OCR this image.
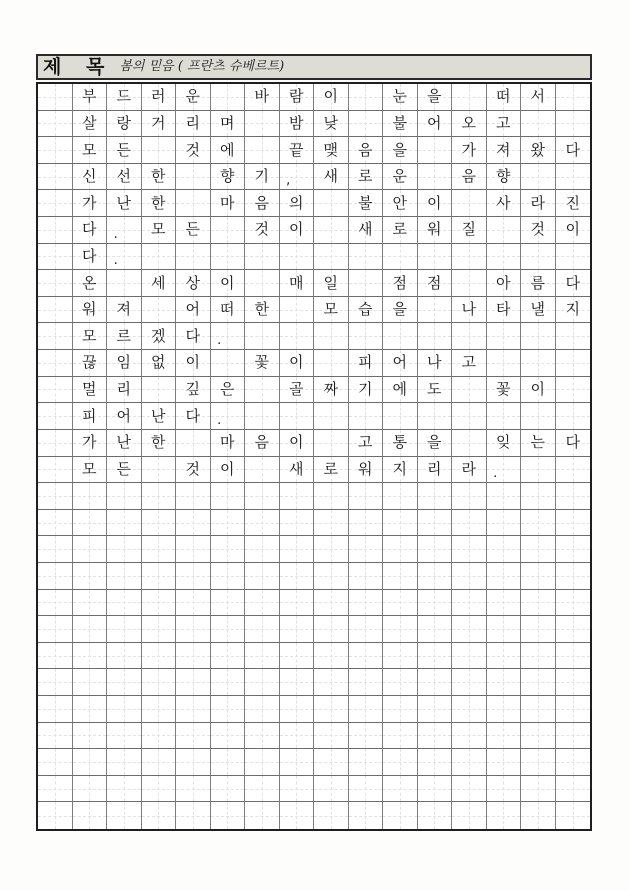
제 목 봄의 믿음 ( 프란츠 슈베르트)
부 드 러 운	바 람 이	눈 을	떠 서
살 랑 거 리 며	밤 낮	불 어 오 고
모 든	것 에	끝 맺 음 을	가 져 왔 다
신 선 한	향 기 , 새 로 운	음 향
가 난 한	마 음 의	불 안 이	사 라 진
다 . 모 든	것 이	새 로 워 질	것 이
다 .
온	세 상 이	매 일	점 점	아 름 다
워 져	어 떠 한	모 습 을	나 타 낼 지
모 르 겠 다 .
끊 임 없 이	꽃 이	피 어 나 고
멀 리	깊 은	골 짜 기 에 도	꽃 이
피 어 난 다 .
가 난 한	마 음 이	고 통 을	잊 는 다
모 든	것 이	새 로 워 지 리 라 .
